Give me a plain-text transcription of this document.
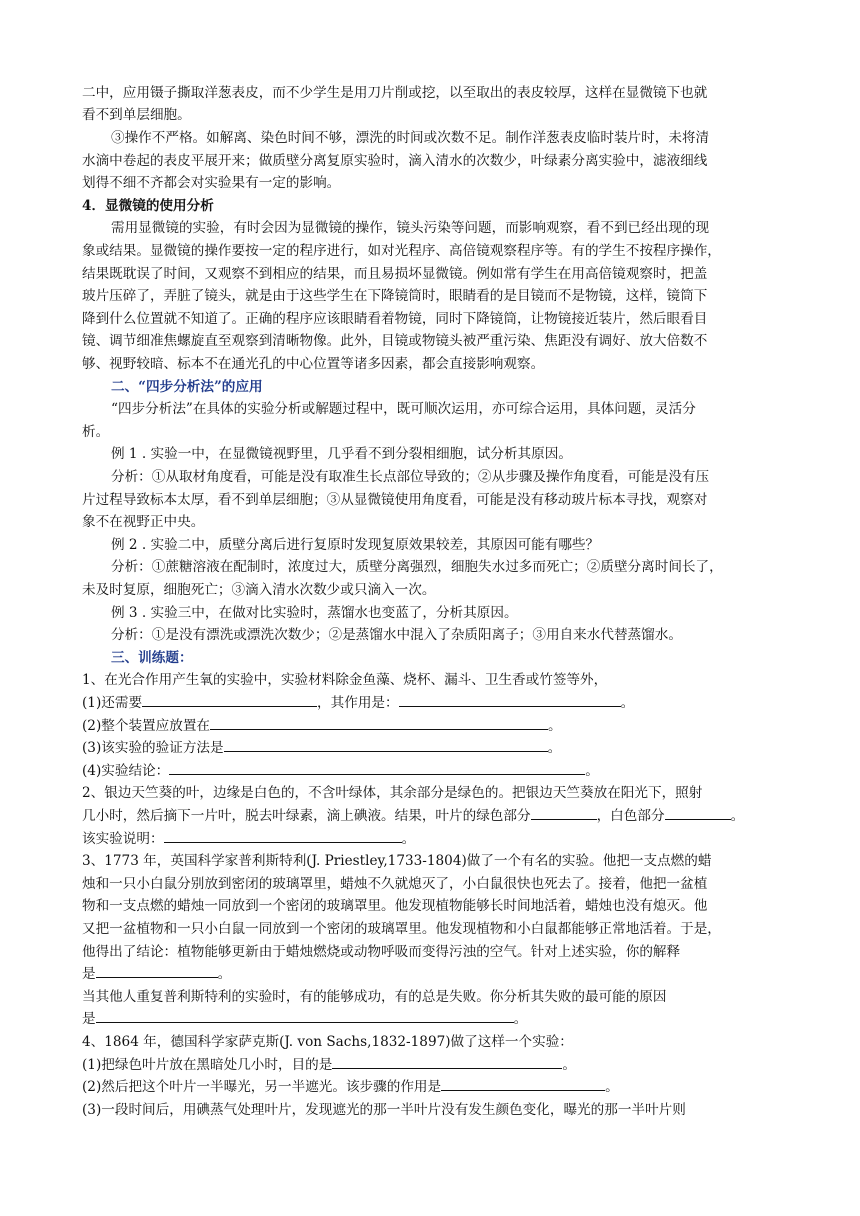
二中，应用镊子撕取洋葱表皮，而不少学生是用刀片削或挖，以至取出的表皮较厚，这样在显微镜下也就
看不到单层细胞。
③操作不严格。如解离、染色时间不够，漂洗的时间或次数不足。制作洋葱表皮临时装片时，未将清
水滴中卷起的表皮平展开来；做质壁分离复原实验时，滴入清水的次数少，叶绿素分离实验中，滤液细线
划得不细不齐都会对实验果有一定的影响。
4．显微镜的使用分析
需用显微镜的实验，有时会因为显微镜的操作，镜头污染等问题，而影响观察，看不到已经出现的现
象或结果。显微镜的操作要按一定的程序进行，如对光程序、高倍镜观察程序等。有的学生不按程序操作，
结果既耽误了时间，又观察不到相应的结果，而且易损坏显微镜。例如常有学生在用高倍镜观察时，把盖
玻片压碎了，弄脏了镜头，就是由于这些学生在下降镜筒时，眼睛看的是目镜而不是物镜，这样，镜筒下
降到什么位置就不知道了。正确的程序应该眼睛看着物镜，同时下降镜筒，让物镜接近装片，然后眼看目
镜、调节细准焦螺旋直至观察到清晰物像。此外，目镜或物镜头被严重污染、焦距没有调好、放大倍数不
够、视野较暗、标本不在通光孔的中心位置等诸多因素，都会直接影响观察。
二、“四步分析法”的应用
“四步分析法”在具体的实验分析或解题过程中，既可顺次运用，亦可综合运用，具体问题，灵活分
析。
例 1 . 实验一中，在显微镜视野里，几乎看不到分裂相细胞，试分析其原因。
分析：①从取材角度看，可能是没有取准生长点部位导致的；②从步骤及操作角度看，可能是没有压
片过程导致标本太厚，看不到单层细胞；③从显微镜使用角度看，可能是没有移动玻片标本寻找，观察对
象不在视野正中央。
例 2 . 实验二中，质壁分离后进行复原时发现复原效果较差，其原因可能有哪些？
分析：①蔗糖溶液在配制时，浓度过大，质壁分离强烈，细胞失水过多而死亡；②质壁分离时间长了，
未及时复原，细胞死亡；③滴入清水次数少或只滴入一次。
例 3 . 实验三中，在做对比实验时，蒸馏水也变蓝了，分析其原因。
分析：①是没有漂洗或漂洗次数少；②是蒸馏水中混入了杂质阳离子；③用自来水代替蒸馏水。
三、训练题：
1、在光合作用产生氧的实验中，实验材料除金鱼藻、烧杯、漏斗、卫生香或竹签等外，
(1)还需要	，其作用是：	。
(2)整个装置应放置在	。
(3)该实验的验证方法是	。
(4)实验结论：	。
2、银边天竺葵的叶，边缘是白色的，不含叶绿体，其余部分是绿色的。把银边天竺葵放在阳光下，照射
几小时，然后摘下一片叶，脱去叶绿素，滴上碘液。结果，叶片的绿色部分	，白色部分	。
该实验说明：	。
3、1773 年，英国科学家普利斯特利(J. Priestley,1733-1804)做了一个有名的实验。他把一支点燃的蜡
烛和一只小白鼠分别放到密闭的玻璃罩里，蜡烛不久就熄灭了，小白鼠很快也死去了。接着，他把一盆植
物和一支点燃的蜡烛一同放到一个密闭的玻璃罩里。他发现植物能够长时间地活着，蜡烛也没有熄灭。他
又把一盆植物和一只小白鼠一同放到一个密闭的玻璃罩里。他发现植物和小白鼠都能够正常地活着。于是，
他得出了结论：植物能够更新由于蜡烛燃烧或动物呼吸而变得污浊的空气。针对上述实验，你的解释
是	。
当其他人重复普利斯特利的实验时，有的能够成功，有的总是失败。你分析其失败的最可能的原因
是	。
4、1864 年，德国科学家萨克斯(J. von Sachs,1832-1897)做了这样一个实验：
(1)把绿色叶片放在黑暗处几小时，目的是	。
(2)然后把这个叶片一半曝光，另一半遮光。该步骤的作用是	。
(3)一段时间后，用碘蒸气处理叶片，发现遮光的那一半叶片没有发生颜色变化，曝光的那一半叶片则
